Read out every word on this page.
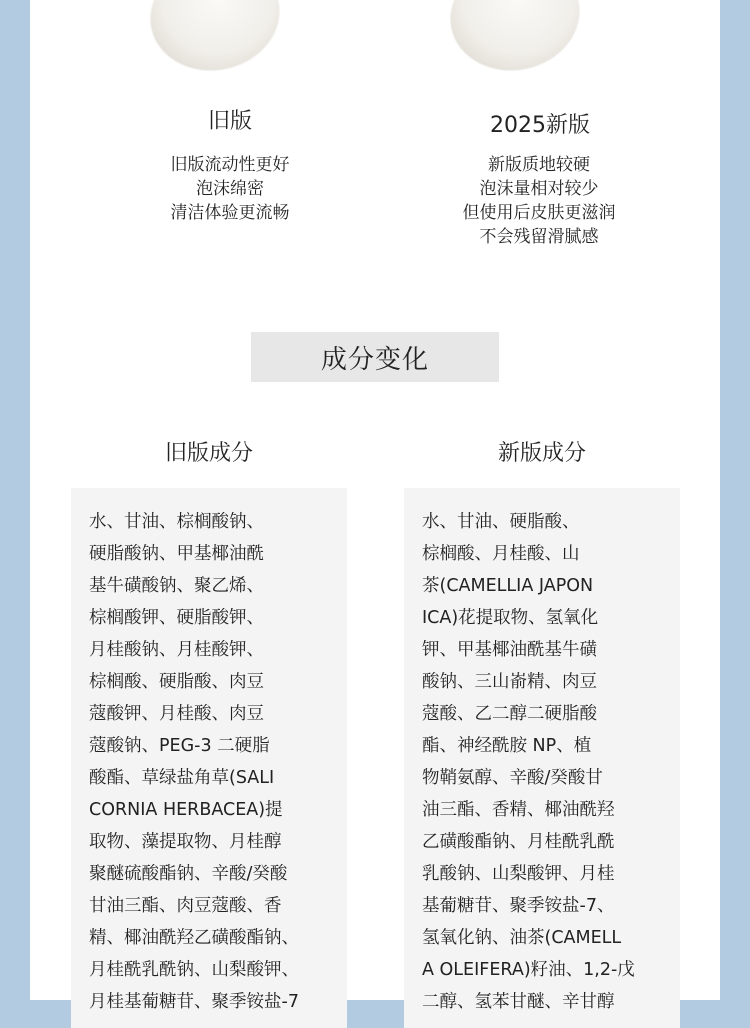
旧版	2025新版
旧版流动性更好
泡沫绵密
清洁体验更流畅
新版质地较硬
泡沫量相对较少
但使用后皮肤更滋润
不会残留滑腻感
成分变化
旧版成分	新版成分
水、甘油、棕榈酸钠、
硬脂酸钠、甲基椰油酰
基牛磺酸钠、聚乙烯、
棕榈酸钾、硬脂酸钾、
月桂酸钠、月桂酸钾、
棕榈酸、硬脂酸、肉豆
蔻酸钾、月桂酸、肉豆
蔻酸钠、PEG-3 二硬脂
酸酯、草绿盐角草(SALI
CORNIA HERBACEA)提
取物、藻提取物、月桂醇
聚醚硫酸酯钠、辛酸/癸酸
甘油三酯、肉豆蔻酸、香
精、椰油酰羟乙磺酸酯钠、
月桂酰乳酰钠、山梨酸钾、
月桂基葡糖苷、聚季铵盐-7
水、甘油、硬脂酸、
棕榈酸、月桂酸、山
茶(CAMELLIA JAPON
ICA)花提取物、氢氧化
钾、甲基椰油酰基牛磺
酸钠、三山嵛精、肉豆
蔻酸、乙二醇二硬脂酸
酯、神经酰胺 NP、植
物鞘氨醇、辛酸/癸酸甘
油三酯、香精、椰油酰羟
乙磺酸酯钠、月桂酰乳酰
乳酸钠、山梨酸钾、月桂
基葡糖苷、聚季铵盐-7、
氢氧化钠、油茶(CAMELL
A OLEIFERA)籽油、1,2-戊
二醇、氢苯甘醚、辛甘醇
